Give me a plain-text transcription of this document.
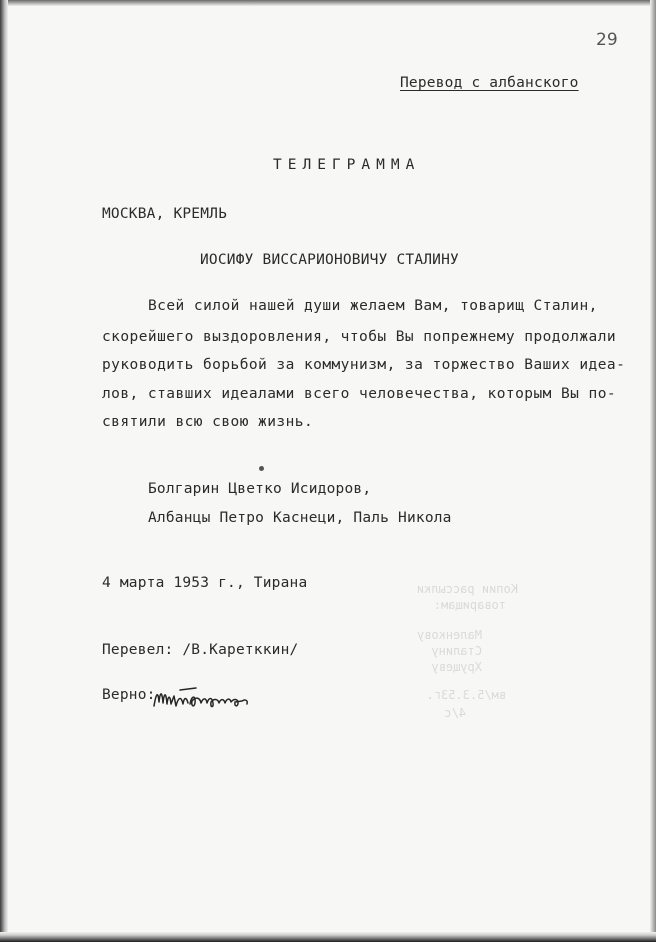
29
Перевод с албанского
ТЕЛЕГРАММА
МОСКВА, КРЕМЛЬ
ИОСИФУ ВИССАРИОНОВИЧУ СТАЛИНУ
Всей силой нашей души желаем Вам, товарищ Сталин,
скорейшего выздоровления, чтобы Вы попрежнему продолжали
руководить борьбой за коммунизм, за торжество Ваших идеа-
лов, ставших идеалами всего человечества, которым Вы по-
святили всю свою жизнь.
Болгарин Цветко Исидоров,
Албанцы Петро Каснеци, Паль Никола
4 марта 1953 г., Тирана
Перевел: /В.Каретккин/
Верно:
Копии рассылки
товарищам:
Маленкову
Сталину
Хрущеву
вм/5.3.53г.
4/с
